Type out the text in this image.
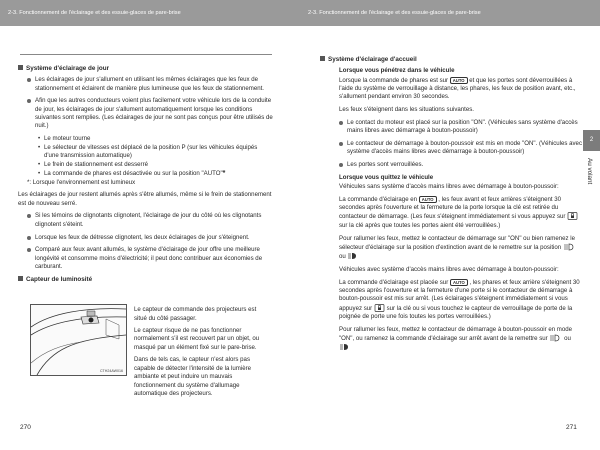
2-3. Fonctionnement de l'éclairage et des essuie-glaces de pare-brise	2-3. Fonctionnement de l'éclairage et des essuie-glaces de pare-brise
Système d'éclairage de jour

Les éclairages de jour s'allument en utilisant les mêmes éclairages que les feux de stationnement et éclairent de manière plus lumineuse que les feux de stationnement.

Afin que les autres conducteurs voient plus facilement votre véhicule lors de la conduite de jour, les éclairages de jour s'allument automatiquement lorsque les conditions suivantes sont remplies. (Les éclairages de jour ne sont pas conçus pour être utilisés de nuit.)

• Le moteur tourne
• Le sélecteur de vitesses est déplacé de la position P (sur les véhicules équipés d'une transmission automatique)
• Le frein de stationnement est desserré
• La commande de phares est désactivée ou sur la position "AUTO"*

*: Lorsque l'environnement est lumineux

Les éclairages de jour restent allumés après s'être allumés, même si le frein de stationnement est de nouveau serré.

Si les témoins de clignotants clignotent, l'éclairage de jour du côté où les clignotants clignotent s'éteint.

Lorsque les feux de détresse clignotent, les deux éclairages de jour s'éteignent.

Comparé aux feux avant allumés, le système d'éclairage de jour offre une meilleure longévité et consomme moins d'électricité; il peut donc contribuer aux économies de carburant.

Capteur de luminosité
CTH24AW016

Le capteur de commande des projecteurs est situé du côté passager.

Le capteur risque de ne pas fonctionner normalement s'il est recouvert par un objet, ou masqué par un élément fixé sur le pare-brise.

Dans de tels cas, le capteur n'est alors pas capable de détecter l'intensité de la lumière ambiante et peut induire un mauvais fonctionnement du système d'allumage automatique des projecteurs.

270
Système d'éclairage d'accueil
Lorsque vous pénétrez dans le véhicule

Lorsque la commande de phares est sur AUTO et que les portes sont déverrouillées à l'aide du système de verrouillage à distance, les phares, les feux de position avant, etc., s'allument pendant environ 30 secondes.

Les feux s'éteignent dans les situations suivantes.

Le contact du moteur est placé sur la position "ON". (Véhicules sans système d'accès mains libres avec démarrage à bouton-poussoir)

Le contacteur de démarrage à bouton-poussoir est mis en mode "ON". (Véhicules avec système d'accès mains libres avec démarrage à bouton-poussoir)

Les portes sont verrouillées.

Lorsque vous quittez le véhicule

Véhicules sans système d'accès mains libres avec démarrage à bouton-poussoir:

La commande d'éclairage en AUTO , les feux avant et feux arrières s'éteignent 30 secondes après l'ouverture et la fermeture de la porte lorsque la clé est retirée du contacteur de démarrage. (Les feux s'éteignent immédiatement si vous appuyez sur  sur la clé après que toutes les portes aient été verrouillées.)

Pour rallumer les feux, mettez le contacteur de démarrage sur "ON" ou bien ramenez le sélecteur d'éclairage sur la position d'extinction avant de le remettre sur la position  ou

Véhicules avec système d'accès mains libres avec démarrage à bouton-poussoir:

La commande d'éclairage est placée sur AUTO , les phares et feux arrière s'éteignent 30 secondes après l'ouverture et la fermeture d'une porte si le contacteur de démarrage à bouton-poussoir est mis sur arrêt. (Les éclairages s'éteignent immédiatement si vous appuyez sur sur la clé ou si vous touchez le capteur de verrouillage de porte de la poignée de porte une fois toutes les portes verrouillées.)

Pour rallumer les feux, mettez le contacteur de démarrage à bouton-poussoir en mode "ON", ou ramenez la commande d'éclairage sur arrêt avant de la remettre sur	ou

2
Au volant
271
